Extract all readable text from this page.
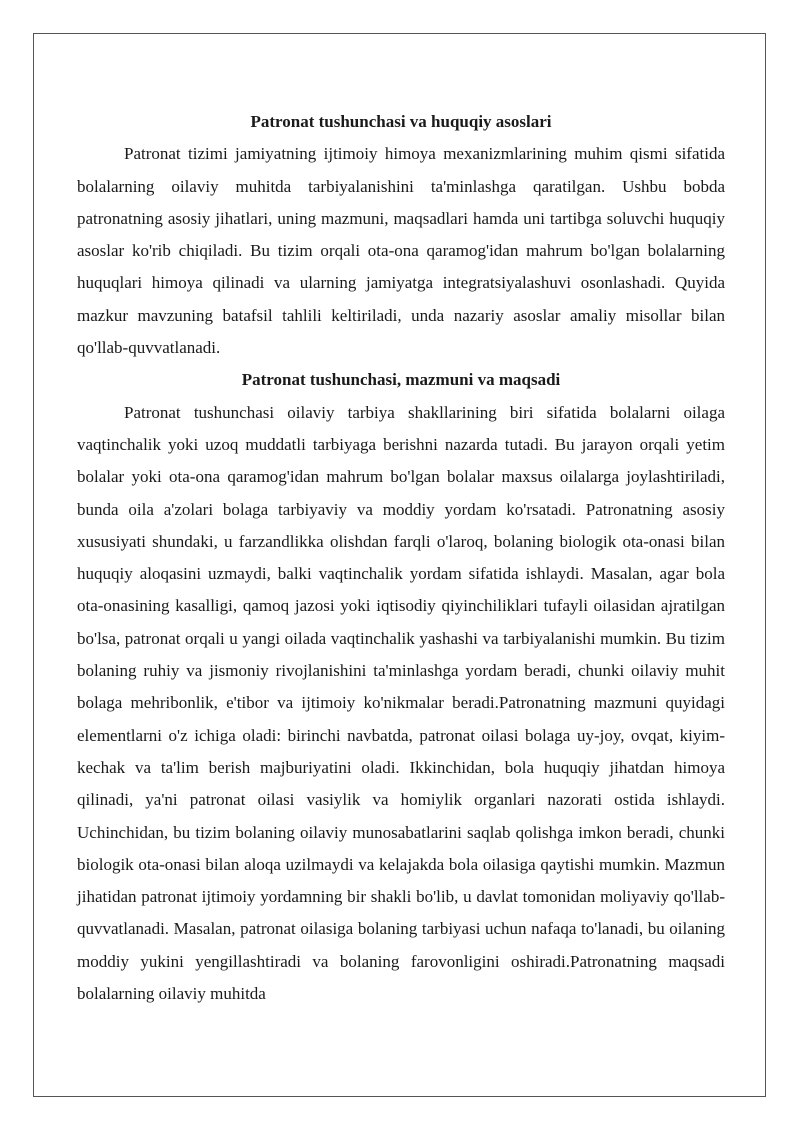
Patronat tushunchasi va huquqiy asoslari

Patronat tizimi jamiyatning ijtimoiy himoya mexanizmlarining muhim qismi sifatida bolalarning oilaviy muhitda tarbiyalanishini ta'minlashga qaratilgan. Ushbu bobda patronatning asosiy jihatlari, uning mazmuni, maqsadlari hamda uni tartibga soluvchi huquqiy asoslar ko'rib chiqiladi. Bu tizim orqali ota-ona qaramog'idan mahrum bo'lgan bolalarning huquqlari himoya qilinadi va ularning jamiyatga integratsiyalashuvi osonlashadi. Quyida mazkur mavzuning batafsil tahlili keltiriladi, unda nazariy asoslar amaliy misollar bilan qo'llab-quvvatlanadi.

Patronat tushunchasi, mazmuni va maqsadi

Patronat tushunchasi oilaviy tarbiya shakllarining biri sifatida bolalarni oilaga vaqtinchalik yoki uzoq muddatli tarbiyaga berishni nazarda tutadi. Bu jarayon orqali yetim bolalar yoki ota-ona qaramog'idan mahrum bo'lgan bolalar maxsus oilalarga joylashtiriladi, bunda oila a'zolari bolaga tarbiyaviy va moddiy yordam ko'rsatadi. Patronatning asosiy xususiyati shundaki, u farzandlikka olishdan farqli o'laroq, bolaning biologik ota-onasi bilan huquqiy aloqasini uzmaydi, balki vaqtinchalik yordam sifatida ishlaydi. Masalan, agar bola ota-onasining kasalligi, qamoq jazosi yoki iqtisodiy qiyinchiliklari tufayli oilasidan ajratilgan bo'lsa, patronat orqali u yangi oilada vaqtinchalik yashashi va tarbiyalanishi mumkin. Bu tizim bolaning ruhiy va jismoniy rivojlanishini ta'minlashga yordam beradi, chunki oilaviy muhit bolaga mehribonlik, e'tibor va ijtimoiy ko'nikmalar beradi.Patronatning mazmuni quyidagi elementlarni o'z ichiga oladi: birinchi navbatda, patronat oilasi bolaga uy-joy, ovqat, kiyim-kechak va ta'lim berish majburiyatini oladi. Ikkinchidan, bola huquqiy jihatdan himoya qilinadi, ya'ni patronat oilasi vasiylik va homiylik organlari nazorati ostida ishlaydi. Uchinchidan, bu tizim bolaning oilaviy munosabatlarini saqlab qolishga imkon beradi, chunki biologik ota-onasi bilan aloqa uzilmaydi va kelajakda bola oilasiga qaytishi mumkin. Mazmun jihatidan patronat ijtimoiy yordamning bir shakli bo'lib, u davlat tomonidan moliyaviy qo'llab-quvvatlanadi. Masalan, patronat oilasiga bolaning tarbiyasi uchun nafaqa to'lanadi, bu oilaning moddiy yukini yengillashtiradi va bolaning farovonligini oshiradi.Patronatning maqsadi bolalarning oilaviy muhitda
